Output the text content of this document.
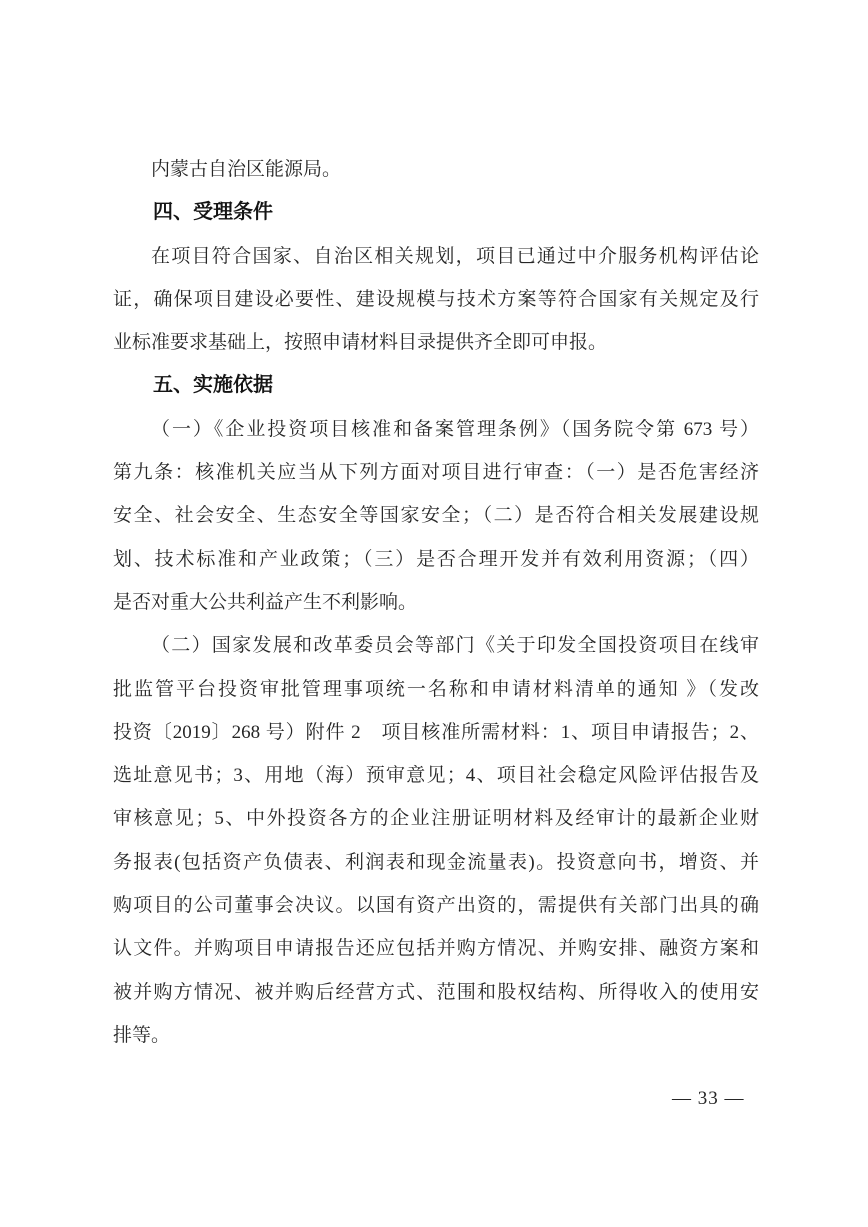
内蒙古自治区能源局。
四、受理条件
在项目符合国家、自治区相关规划，项目已通过中介服务机构评估论
证，确保项目建设必要性、建设规模与技术方案等符合国家有关规定及行
业标准要求基础上，按照申请材料目录提供齐全即可申报。
五、实施依据
（一）《企业投资项目核准和备案管理条例》（国务院令第 673 号）
第九条：核准机关应当从下列方面对项目进行审查：（一）是否危害经济
安全、社会安全、生态安全等国家安全；（二）是否符合相关发展建设规
划、技术标准和产业政策；（三）是否合理开发并有效利用资源；（四）
是否对重大公共利益产生不利影响。
（二）国家发展和改革委员会等部门《关于印发全国投资项目在线审
批监管平台投资审批管理事项统一名称和申请材料清单的通知 》（发改
投资〔2019〕268 号）附件 2　项目核准所需材料：1、项目申请报告；2、
选址意见书；3、用地（海）预审意见；4、项目社会稳定风险评估报告及
审核意见；5、中外投资各方的企业注册证明材料及经审计的最新企业财
务报表(包括资产负债表、利润表和现金流量表)。投资意向书，增资、并
购项目的公司董事会决议。以国有资产出资的，需提供有关部门出具的确
认文件。并购项目申请报告还应包括并购方情况、并购安排、融资方案和
被并购方情况、被并购后经营方式、范围和股权结构、所得收入的使用安
排等。
— 33 —
